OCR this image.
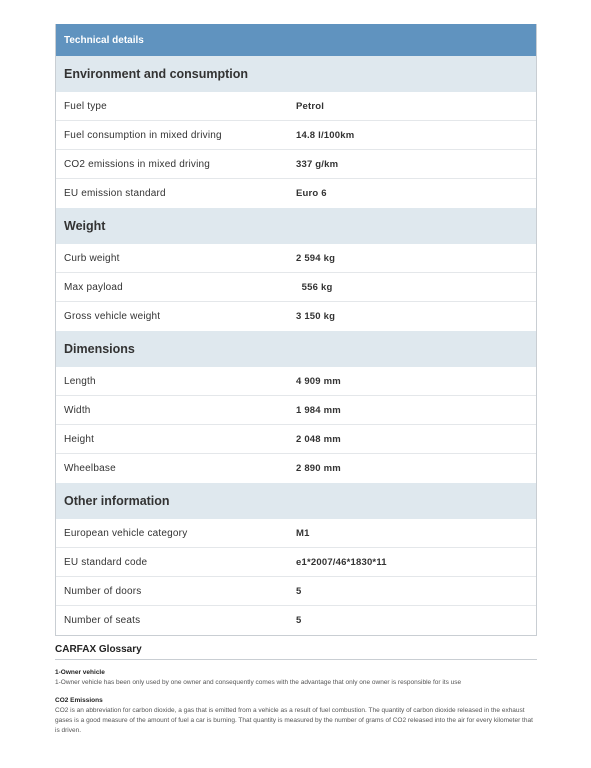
Technical details
Environment and consumption
Fuel type	Petrol
Fuel consumption in mixed driving	14.8 l/100km
CO2 emissions in mixed driving	337 g/km
EU emission standard	Euro 6
Weight
Curb weight	2 594 kg
Max payload	556 kg
Gross vehicle weight	3 150 kg
Dimensions
Length	4 909 mm
Width	1 984 mm
Height	2 048 mm
Wheelbase	2 890 mm
Other information
European vehicle category	M1
EU standard code	e1*2007/46*1830*11
Number of doors	5
Number of seats	5
CARFAX Glossary
1-Owner vehicle
1-Owner vehicle has been only used by one owner and consequently comes with the advantage that only one owner is responsible for its use
CO2 Emissions
CO2 is an abbreviation for carbon dioxide, a gas that is emitted from a vehicle as a result of fuel combustion. The quantity of carbon dioxide released in the exhaust gases is a good measure of the amount of fuel a car is burning. That quantity is measured by the number of grams of CO2 released into the air for every kilometer that is driven.
